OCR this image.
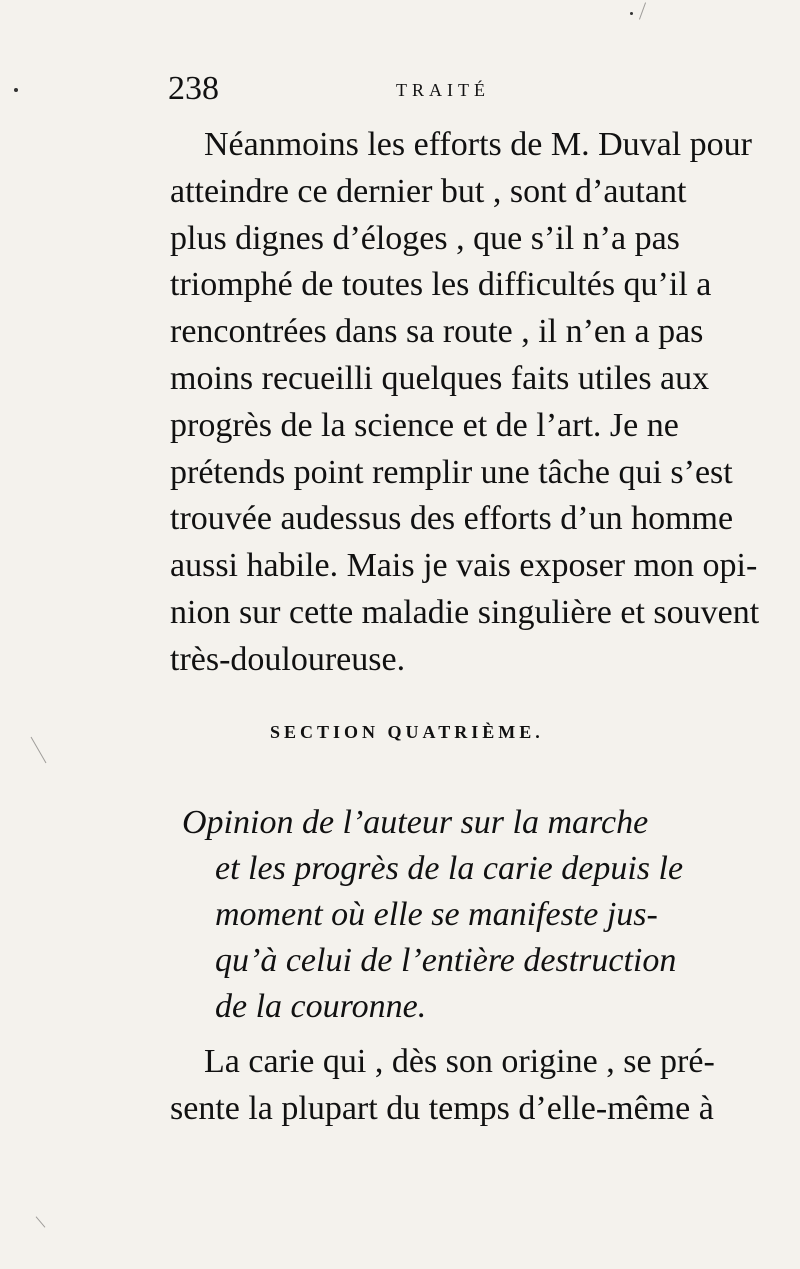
238	TRAITÉ
Néanmoins les efforts de M. Duval pour
atteindre ce dernier but , sont d’autant
plus dignes d’éloges , que s’il n’a pas
triomphé de toutes les difficultés qu’il a
rencontrées dans sa route , il n’en a pas
moins recueilli quelques faits utiles aux
progrès de la science et de l’art. Je ne
prétends point remplir une tâche qui s’est
trouvée audessus des efforts d’un homme
aussi habile. Mais je vais exposer mon opi-
nion sur cette maladie singulière et souvent
très-douloureuse.
SECTION QUATRIÈME.
Opinion de l’auteur sur la marche
et les progrès de la carie depuis le
moment où elle se manifeste jus-
qu’à celui de l’entière destruction
de la couronne.
La carie qui , dès son origine , se pré-
sente la plupart du temps d’elle-même à
